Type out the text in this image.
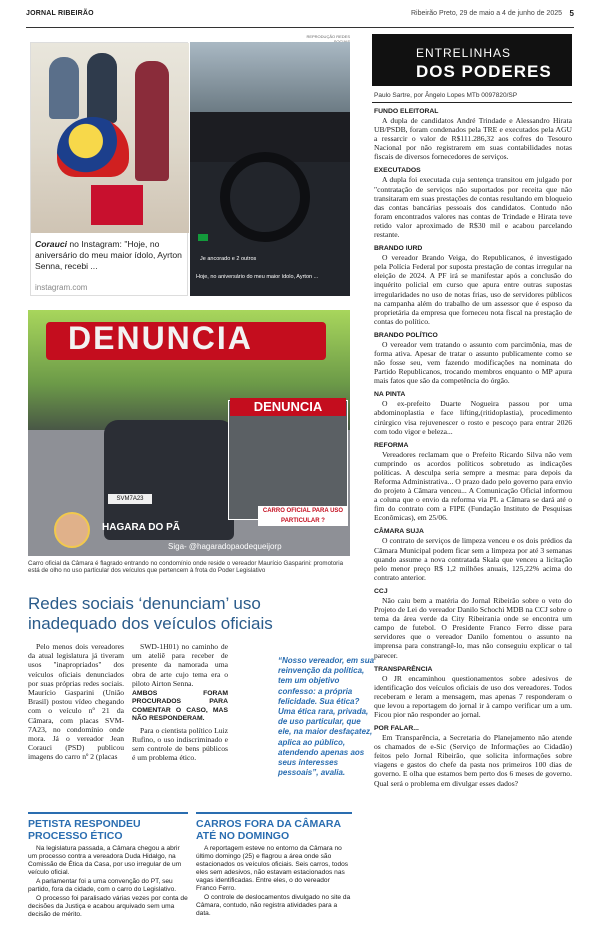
JORNAL RIBEIRÃO	Ribeirão Preto, 29 de maio a 4 de junho de 2025 5
REPRODUÇÃO REDES
Corauci no Instagram: "Hoje, no aniversário do meu maior ídolo, Ayrton Senna, recebi ...
instagram.com
Je ancorado e 2 outros
Hoje, no aniversário do meu maior ídolo, Ayrton ...
ENTRELINHAS
DOS PODERES
Paulo Sartre, por Ângelo Lopes MTb 0097820/SP
FUNDO ELEITORAL

A dupla de candidatos André Trindade e Alessandro Hirata UB/PSDB, foram condenados pela TRE e executados pela AGU a ressarcir o valor de R$111.286,32 aos cofres do Tesouro Nacional por não registrarem em suas contabilidades notas fiscais de diversos fornecedores de serviços.

EXECUTADOS

A dupla foi executada cuja sentença transitou em julgado por "contratação de serviços não suportados por receita que não transitaram em suas prestações de contas resultando em bloqueio das contas bancárias pessoais dos candidatos. Contudo não foram encontrados valores nas contas de Trindade e Hirata teve retido valor aproximado de R$30 mil e acabou parcelando restante.

BRANDO IURD

O vereador Brando Veiga, do Republicanos, é investigado pela Polícia Federal por suposta prestação de contas irregular na eleição de 2024. A PF irá se manifestar após a conclusão do inquérito policial em curso que apura entre outras supostas irregularidades no uso de notas frias, uso de servidores públicos na campanha além do trabalho de um assessor que é esposo da proprietária da empresa que forneceu nota fiscal na prestação de contas do político.

BRANDO POLÍTICO

O vereador vem tratando o assunto com parcimônia, mas de forma ativa. Apesar de tratar o assunto publicamente como se não fosse seu, vem fazendo modificações na nominata do Partido Republicanos, trocando membros enquanto o MP apura mais fatos que são da competência do órgão.

NA PINTA

O ex-prefeito Duarte Nogueira passou por uma abdominoplastia e face lifting,(ritidoplastia), procedimento cirúrgico visa rejuvenescer o rosto e pescoço para entrar 2026 com todo vigor e beleza...

REFORMA

Vereadores reclamam que o Prefeito Ricardo Silva não vem cumprindo os acordos políticos sobretudo as indicações políticas. A desculpa seria sempre a mesma: para depois da Reforma Administrativa... O prazo dado pelo governo para envio do projeto à Câmara venceu... A Comunicação Oficial informou a coluna que o envio da reforma via PL a Câmara se dará até o fim do contrato com a FIPE (Fundação Instituto de Pesquisas Econômicas), em 25/06.

CÂMARA SUJA

O contrato de serviços de limpeza venceu e os dois prédios da Câmara Municipal podem ficar sem a limpeza por até 3 semanas quando assume a nova contratada Skala que venceu a licitação pelo menor preço R$ 1,2 milhões anuais, 125,22% acima do contrato anterior.

CCJ

Não caiu bem a matéria do Jornal Ribeirão sobre o veto do Projeto de Lei do vereador Danilo Schochi MDB na CCJ sobre o tema da área verde da City Ribeirania onde se encontra um campo de futebol. O Presidente Franco Ferro disse para servidores que o vereador Danilo fomentou o assunto na imprensa para constrangê-lo, mas não conseguiu explicar o tal parecer.

TRANSPARÊNCIA

O JR encaminhou questionamentos sobre adesivos de identificação dos veículos oficiais de uso dos vereadores. Todos receberam e leram a mensagem, mas apenas 7 responderam o que levou a reportagem do jornal ir à campo verificar um a um. Ficou pior não responder ao jornal.

POR FALAR...

Em Transparência, a Secretaria do Planejamento não atende os chamados de e-Sic (Serviço de Informações ao Cidadão) feitos pelo Jornal Ribeirão, que solicita informações sobre viagens e gastos do chefe da pasta nos primeiros 100 dias de governo. E olha que estamos bem perto dos 6 meses de governo. Qual será o problema em divulgar esses dados?

SVM7A23
DENUNCIA
DENUNCIA
CARRO OFICIAL PARA USO PARTICULAR ?
HAGARA DO PÃ
Siga- @hagaradopaodequeijorp
Carro oficial da Câmara é flagrado entrando no condomínio onde reside o vereador Maurício Gasparini: promotoria está de olho no uso particular dos veículos que pertencem à frota do Poder Legislativo
Redes sociais ‘denunciam’ uso inadequado dos veículos oficiais

Pelo menos dois vereadores da atual legislatura já tiveram usos "inapropriados" dos veículos oficiais denunciados por suas próprias redes sociais. Maurício Gasparini (União Brasil) postou vídeo chegando com o veículo nº 21 da Câmara, com placas SVM-7A23, no condomínio onde mora. Já o vereador Jean Corauci (PSD) publicou imagens do carro nº 2 (placas

SWD-1H01) no caminho de um ateliê para receber de presente da namorada uma obra de arte cujo tema era o piloto Airton Senna.

AMBOS FORAM PROCURADOS PARA COMENTAR O CASO, MAS NÃO RESPONDERAM.

Para o cientista político Luiz Rufino, o uso indiscriminado e sem controle de bens públicos é um problema ético.

“Nosso vereador, em sua reinvenção da política, tem um objetivo confesso: a própria felicidade. Sua ética? Uma ética rara, privada, de uso particular, que ele, na maior desfaçatez, aplica ao público, atendendo apenas aos seus interesses pessoais”, avalia.
PETISTA RESPONDEU PROCESSO ÉTICO

Na legislatura passada, a Câmara chegou a abrir um processo contra a vereadora Duda Hidalgo, na Comissão de Ética da Casa, por uso irregular de um veículo oficial.

A parlamentar foi a uma convenção do PT, seu partido, fora da cidade, com o carro do Legislativo.

O processo foi paralisado várias vezes por conta de decisões da Justiça e acabou arquivado sem uma decisão de mérito.

CARROS FORA DA CÂMARA ATÉ NO DOMINGO

A reportagem esteve no entorno da Câmara no último domingo (25) e flagrou a área onde são estacionados os veículos oficiais. Seis carros, todos eles sem adesivos, não estavam estacionados nas vagas identificadas. Entre eles, o do vereador Franco Ferro.

O controle de deslocamentos divulgado no site da Câmara, contudo, não registra atividades para a data.
